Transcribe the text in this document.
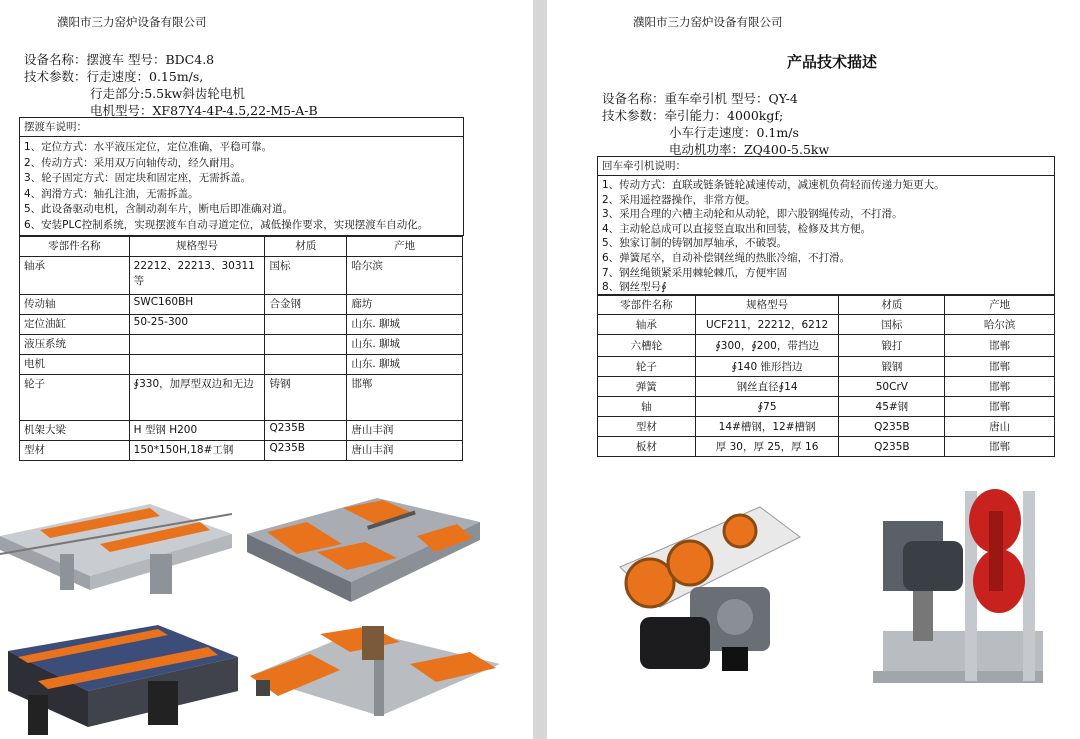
濮阳市三力窑炉设备有限公司
设备名称：摆渡车 型号：BDC4.8
技术参数：行走速度：0.15m/s,
行走部分:5.5kw斜齿轮电机
电机型号：XF87Y4-4P-4.5,22-M5-A-B
摆渡车说明：
1、定位方式：水平液压定位，定位准确，平稳可靠。
2、传动方式：采用双万向轴传动，经久耐用。
3、轮子固定方式：固定块和固定座，无需拆盖。
4、润滑方式：轴孔注油，无需拆盖。
5、此设备驱动电机，含制动刹车片，断电后即准确对道。
6、安装PLC控制系统，实现摆渡车自动寻道定位，减低操作要求，实现摆渡车自动化。
零部件名称	规格型号	材质	产地
轴承	22212、22213、30311等	国标	哈尔滨
传动轴	SWC160BH	合金钢	廊坊
定位油缸	50-25-300		山东. 聊城
液压系统			山东. 聊城
电机			山东. 聊城
轮子	∮330，加厚型双边和无边	铸钢	邯郸
机架大梁	H 型钢 H200	Q235B	唐山丰润
型材	150*150H,18#工钢	Q235B	唐山丰润
濮阳市三力窑炉设备有限公司
产品技术描述
设备名称：重车牵引机 型号：QY-4
技术参数：牵引能力：4000kgf;
小车行走速度：0.1m/s
电动机功率：ZQ400-5.5kw
回车牵引机说明：
1、传动方式：直联或链条链轮减速传动，减速机负荷轻而传递力矩更大。
2、采用遥控器操作，非常方便。
3、采用合理的六槽主动轮和从动轮，即六股钢绳传动，不打滑。
4、主动轮总成可以直接竖直取出和回装，检修及其方便。
5、独家订制的铸钢加厚轴承，不破裂。
6、弹簧尾卒，自动补偿钢丝绳的热胀冷缩，不打滑。
7、钢丝绳锁紧采用棘轮棘爪，方便牢固
8、钢丝型号∮
零部件名称	规格型号	材质	产地
轴承	UCF211，22212，6212	国标	哈尔滨
六槽轮	∮300，∮200，带挡边	锻打	邯郸
轮子	∮140 锥形挡边	锻钢	邯郸
弹簧	钢丝直径∮14	50CrV	邯郸
轴	∮75	45#钢	邯郸
型材	14#槽钢，12#槽钢	Q235B	唐山
板材	厚 30，厚 25，厚 16	Q235B	邯郸
